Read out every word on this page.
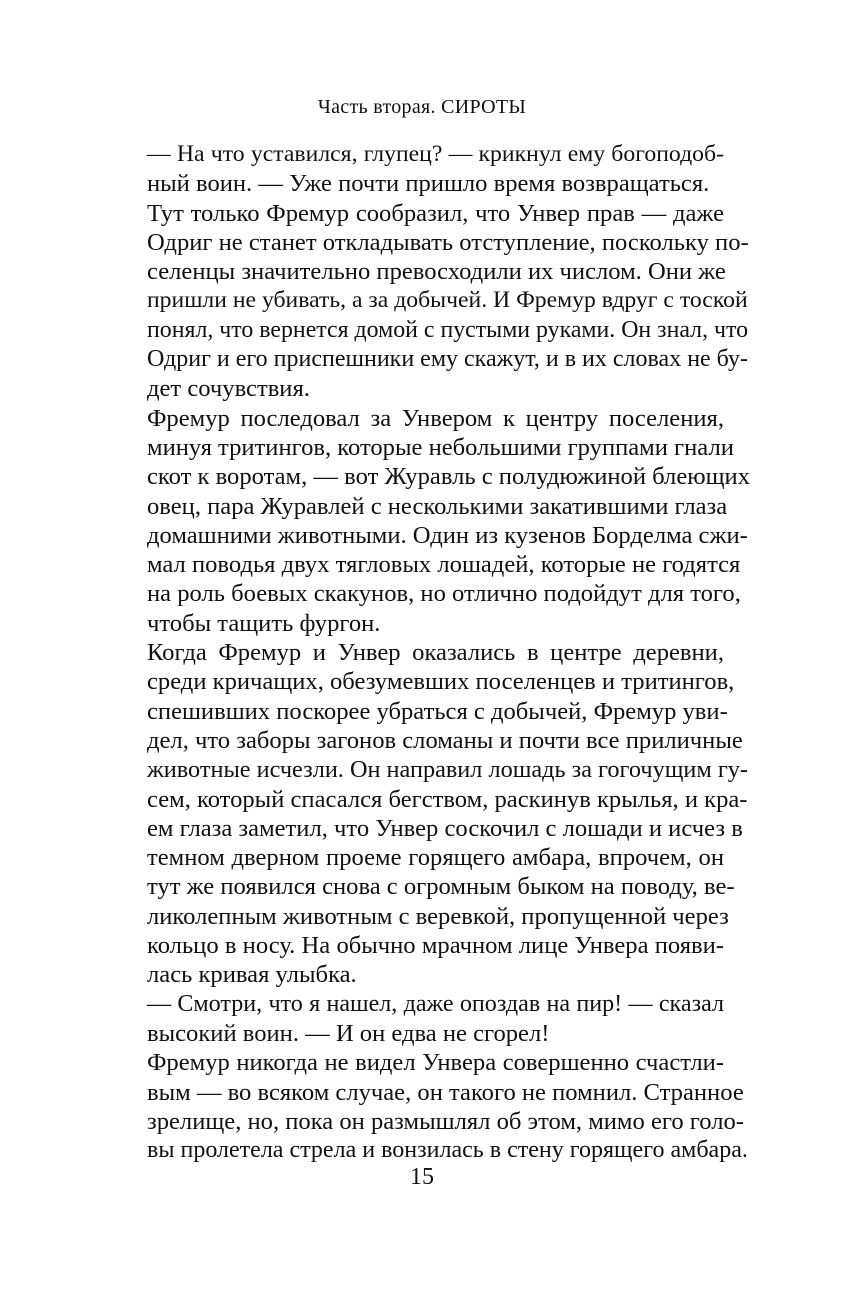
Часть вторая. СИРОТЫ

— На что уставился, глупец? — крикнул ему богоподоб-
ный воин. — Уже почти пришло время возвращаться.

Тут только Фремур сообразил, что Унвер прав — даже
Одриг не станет откладывать отступление, поскольку по-
селенцы значительно превосходили их числом. Они же
пришли не убивать, а за добычей. И Фремур вдруг с тоской
понял, что вернется домой с пустыми руками. Он знал, что
Одриг и его приспешники ему скажут, и в их словах не бу-
дет сочувствия.

Фремур последовал за Унвером к центру поселения,
минуя тритингов, которые небольшими группами гнали
скот к воротам, — вот Журавль с полудюжиной блеющих
овец, пара Журавлей с несколькими закатившими глаза
домашними животными. Один из кузенов Борделма сжи-
мал поводья двух тягловых лошадей, которые не годятся
на роль боевых скакунов, но отлично подойдут для того,
чтобы тащить фургон.

Когда Фремур и Унвер оказались в центре деревни,
среди кричащих, обезумевших поселенцев и тритингов,
спешивших поскорее убраться с добычей, Фремур уви-
дел, что заборы загонов сломаны и почти все приличные
животные исчезли. Он направил лошадь за гогочущим гу-
сем, который спасался бегством, раскинув крылья, и кра-
ем глаза заметил, что Унвер соскочил с лошади и исчез в
темном дверном проеме горящего амбара, впрочем, он
тут же появился снова с огромным быком на поводу, ве-
ликолепным животным с веревкой, пропущенной через
кольцо в носу. На обычно мрачном лице Унвера появи-
лась кривая улыбка.

— Смотри, что я нашел, даже опоздав на пир! — сказал
высокий воин. — И он едва не сгорел!

Фремур никогда не видел Унвера совершенно счастли-
вым — во всяком случае, он такого не помнил. Странное
зрелище, но, пока он размышлял об этом, мимо его голо-
вы пролетела стрела и вонзилась в стену горящего амбара.

15
